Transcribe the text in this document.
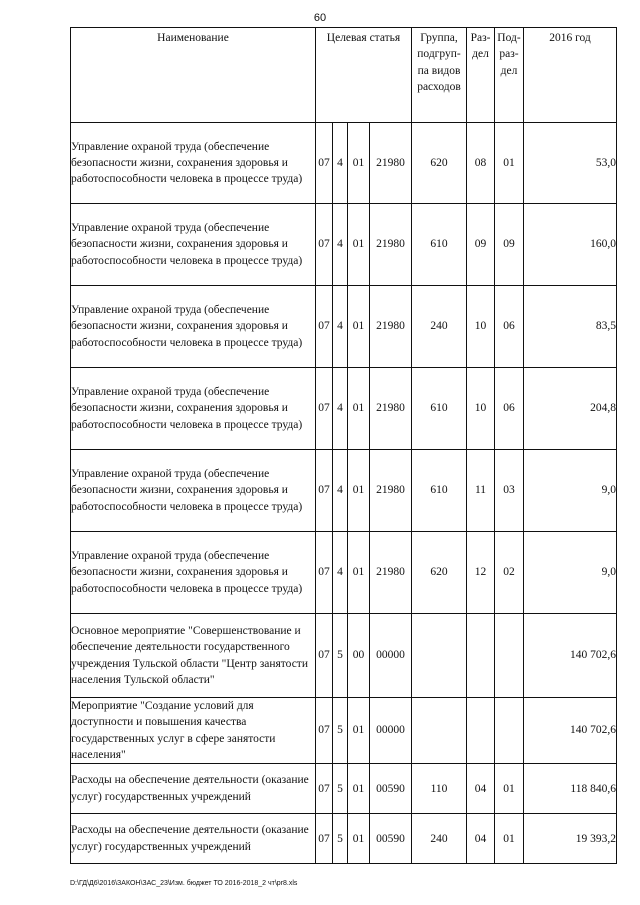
60
Наименование	Целевая статья				Группа, подгруп-па видов расходов	Раз-дел	Под-раз-дел	2016 год
Управление охраной труда (обеспечение безопасности жизни, сохранения здоровья и работоспособности человека в процессе труда)	07	4	01	21980	620	08	01	53,0
Управление охраной труда (обеспечение безопасности жизни, сохранения здоровья и работоспособности человека в процессе труда)	07	4	01	21980	610	09	09	160,0
Управление охраной труда (обеспечение безопасности жизни, сохранения здоровья и работоспособности человека в процессе труда)	07	4	01	21980	240	10	06	83,5
Управление охраной труда (обеспечение безопасности жизни, сохранения здоровья и работоспособности человека в процессе труда)	07	4	01	21980	610	10	06	204,8
Управление охраной труда (обеспечение безопасности жизни, сохранения здоровья и работоспособности человека в процессе труда)	07	4	01	21980	610	11	03	9,0
Управление охраной труда (обеспечение безопасности жизни, сохранения здоровья и работоспособности человека в процессе труда)	07	4	01	21980	620	12	02	9,0
Основное мероприятие "Совершенствование и обеспечение деятельности государственного учреждения Тульской области "Центр занятости населения Тульской области"	07	5	00	00000				140 702,6
Мероприятие "Создание условий для доступности и повышения качества государственных услуг в сфере занятости населения"	07	5	01	00000				140 702,6
Расходы на обеспечение деятельности (оказание услуг) государственных учреждений	07	5	01	00590	110	04	01	118 840,6
Расходы на обеспечение деятельности (оказание услуг) государственных учреждений	07	5	01	00590	240	04	01	19 393,2
D:\ГД\Д6\2016\ЗАКОН\ЗАС_23\Изм. бюджет ТО 2016-2018_2 чт\pr8.xls
